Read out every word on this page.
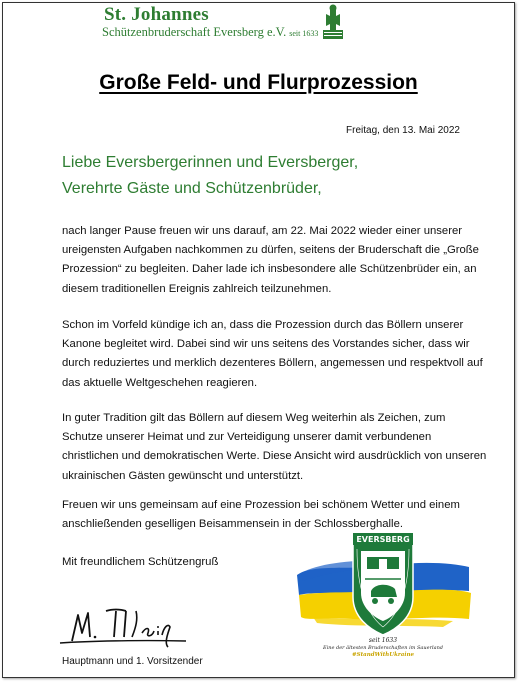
St. Johannes
Schützenbruderschaft Eversberg e.V. seit 1633
Große Feld- und Flurprozession
Freitag, den 13. Mai 2022
Liebe Eversbergerinnen und Eversberger,
Verehrte Gäste und Schützenbrüder,

nach langer Pause freuen wir uns darauf, am 22. Mai 2022 wieder einer unserer
ureigensten Aufgaben nachkommen zu dürfen, seitens der Bruderschaft die „Große
Prozession“ zu begleiten. Daher lade ich insbesondere alle Schützenbrüder ein, an
diesem traditionellen Ereignis zahlreich teilzunehmen.

Schon im Vorfeld kündige ich an, dass die Prozession durch das Böllern unserer
Kanone begleitet wird. Dabei sind wir uns seitens des Vorstandes sicher, dass wir
durch reduziertes und merklich dezenteres Böllern, angemessen und respektvoll auf
das aktuelle Weltgeschehen reagieren.

In guter Tradition gilt das Böllern auf diesem Weg weiterhin als Zeichen, zum
Schutze unserer Heimat und zur Verteidigung unserer damit verbundenen
christlichen und demokratischen Werte. Diese Ansicht wird ausdrücklich von unseren
ukrainischen Gästen gewünscht und unterstützt.

Freuen wir uns gemeinsam auf eine Prozession bei schönem Wetter und einem
anschließenden geselligen Beisammensein in der Schlossberghalle.

Mit freundlichem Schützengruß
Hauptmann und 1. Vorsitzender
EVERSBERG
seit 1633
Eine der ältesten Bruderschaften im Sauerland
#StandWithUkraine
